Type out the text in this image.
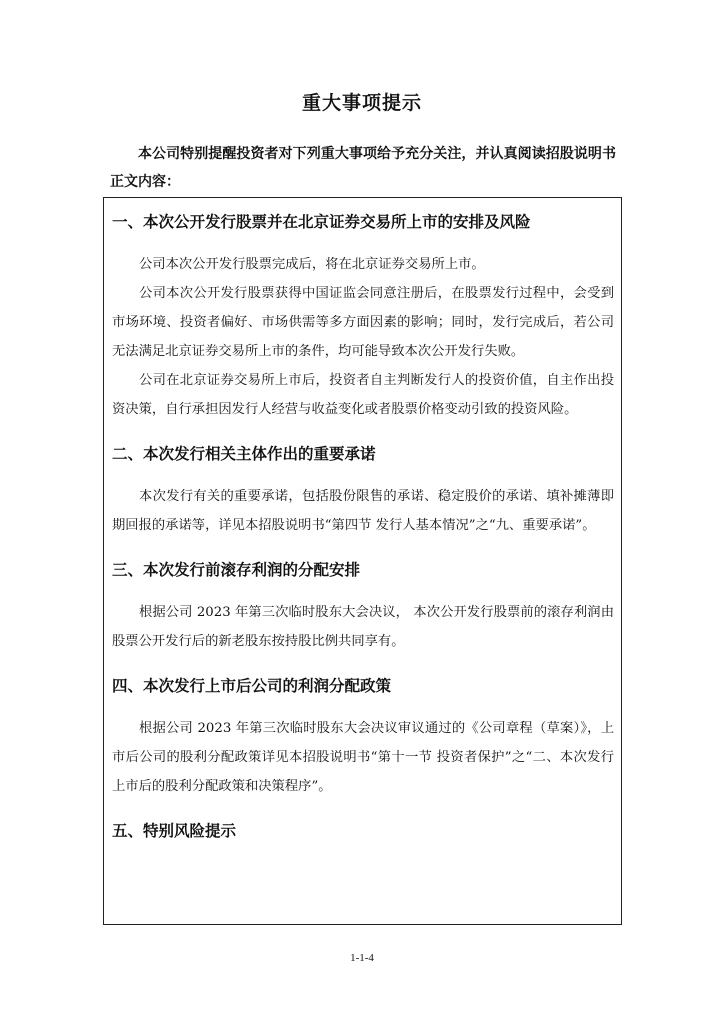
重大事项提示

本公司特别提醒投资者对下列重大事项给予充分关注，并认真阅读招股说明书正文内容：

一、本次公开发行股票并在北京证券交易所上市的安排及风险

公司本次公开发行股票完成后，将在北京证券交易所上市。

公司本次公开发行股票获得中国证监会同意注册后，在股票发行过程中，会受到市场环境、投资者偏好、市场供需等多方面因素的影响；同时，发行完成后，若公司无法满足北京证券交易所上市的条件，均可能导致本次公开发行失败。

公司在北京证券交易所上市后，投资者自主判断发行人的投资价值，自主作出投资决策，自行承担因发行人经营与收益变化或者股票价格变动引致的投资风险。

二、本次发行相关主体作出的重要承诺

本次发行有关的重要承诺，包括股份限售的承诺、稳定股价的承诺、填补摊薄即期回报的承诺等，详见本招股说明书“第四节 发行人基本情况”之“九、重要承诺”。

三、本次发行前滚存利润的分配安排

根据公司 2023 年第三次临时股东大会决议， 本次公开发行股票前的滚存利润由股票公开发行后的新老股东按持股比例共同享有。

四、本次发行上市后公司的利润分配政策

根据公司 2023 年第三次临时股东大会决议审议通过的《公司章程（草案）》，上市后公司的股利分配政策详见本招股说明书“第十一节 投资者保护”之“二、本次发行上市后的股利分配政策和决策程序”。

五、特别风险提示

1-1-4
